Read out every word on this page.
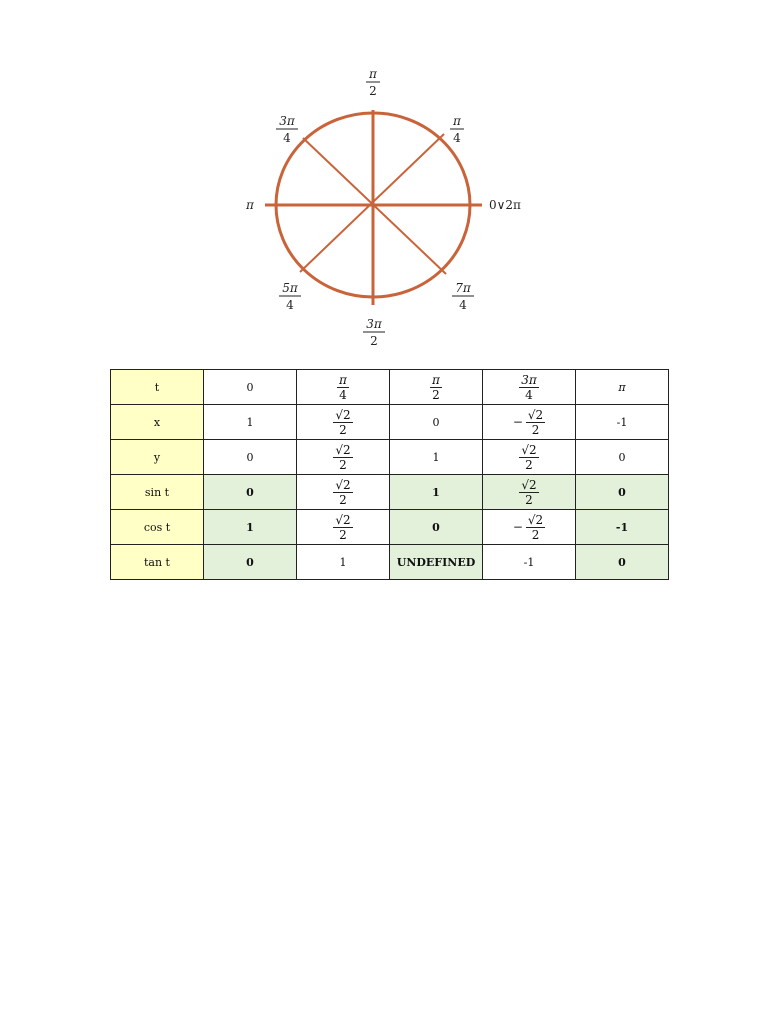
π
2
π
4
3π
4
π	0∨2π
5π
4
7π
4
3π
2
t	0	$\frac{\pi}{4}$	$\frac{\pi}{2}$	$\frac{3\pi}{4}$	π
x	1	$\frac{√2}{2}$	0	− $\frac{√2}{2}$	-1
y	0	$\frac{√2}{2}$	1	$\frac{√2}{2}$	0
sin t	0	$\frac{√2}{2}$	1	$\frac{√2}{2}$	0
cos t	1	$\frac{√2}{2}$	0	− $\frac{√2}{2}$	-1
tan t	0	1	UNDEFINED	-1	0
